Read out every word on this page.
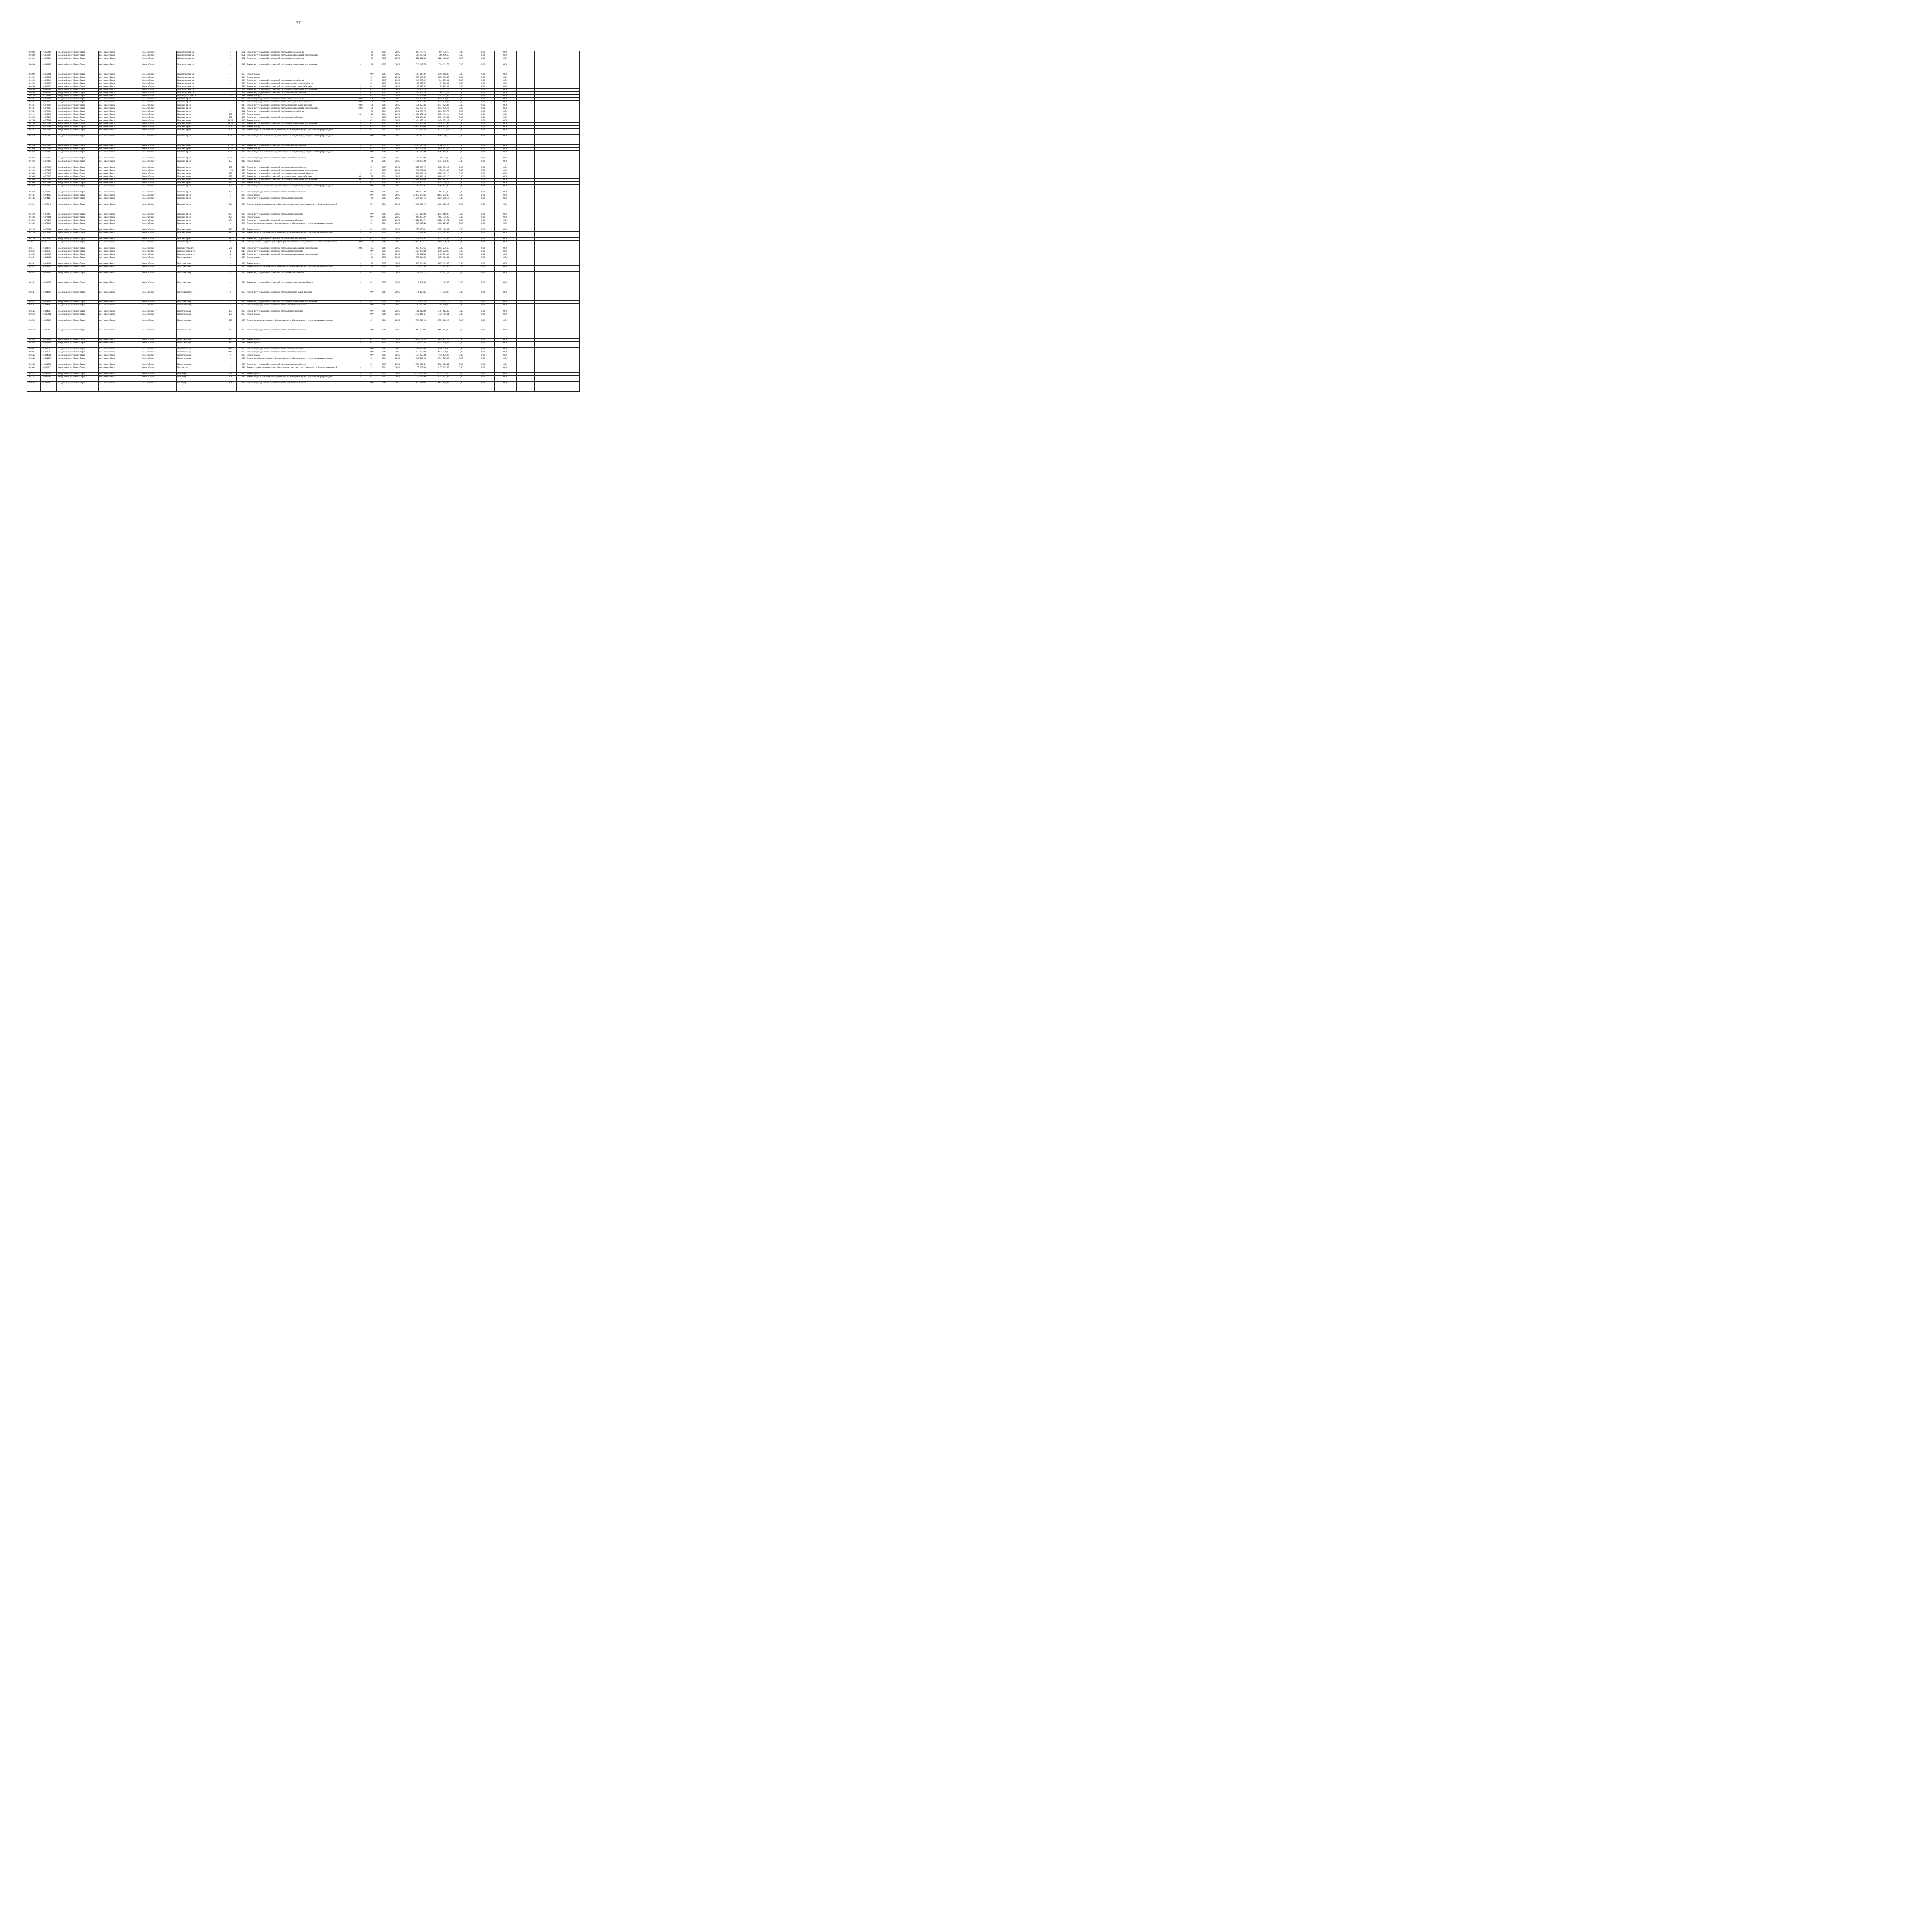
37
104688	110468804	городской округ Новосибирск	г.о. Новосибирск	Новосибирск г	Красногорская ул	37	1951	Ремонт внутридомовой инженерной системы теплоснабжения	-	69	2025	2025	897 758,75	897 758,75	0,00	0,00	0,00			
104688	110468807	городской округ Новосибирск	г.о. Новосибирск	Новосибирск г	Красногорская ул	37	1951	Ремонт внутридомовой инженерной системы канализования и водоотведения	-	69	2025	2025	389 889,63	389 889,63	0,00	0,00	0,00			
104689	110468904	городской округ Новосибирск	г.о. Новосибирск	Новосибирск г	Красногорская ул	39	1951	Ремонт внутридомовой инженерной системы теплоснабжения	-	69	2025	2025	1 226 412,38	1 226 412,38	0,00	0,00	0,00			
104689	110468907	городской округ Новосибирск	г.о. Новосибирск	Новосибирск г	Красногорская ул	39	1951	Ремонт внутридомовой инженерной системы канализования и водоотведения	-	69	2025	2025	710 161,79	710 161,79	0,00	0,00	0,00			
104690	110469001	городской округ Новосибирск	г.о. Новосибирск	Новосибирск г	Красногорская ул	41	1958	Ремонт фасада	-	69*	2025	2025	1 495 018,37	1 495 018,37	0,00	0,00	0,00			
104690	110469002	городской округ Новосибирск	г.о. Новосибирск	Новосибирск г	Красногорская ул	41	1958	Ремонт крыши	-	69*	2025	2025	3 338 803,59	3 338 803,59	0,00	0,00	0,00			
104690	110469004	городской округ Новосибирск	г.о. Новосибирск	Новосибирск г	Красногорская ул	41	1958	Ремонт внутридомовой инженерной системы теплоснабжения	-	69*	2025	2025	340 259,22	340 259,22	0,00	0,00	0,00			
104690	110469005	городской округ Новосибирск	г.о. Новосибирск	Новосибирск г	Красногорская ул	41	1958	Ремонт внутридомовой инженерной системы холодного водоснабжения	-	69*	2025	2025	107 815,37	107 815,37	0,00	0,00	0,00			
104690	110469006	городской округ Новосибирск	г.о. Новосибирск	Новосибирск г	Красногорская ул	41	1958	Ремонт внутридомовой инженерной системы горячего водоснабжения	-	69*	2025	2025	107 815,37	107 815,37	0,00	0,00	0,00			
104690	110469007	городской округ Новосибирск	г.о. Новосибирск	Новосибирск г	Красногорская ул	41	1958	Ремонт внутридомовой инженерной системы канализования и водоотведения	-	69*	2025	2025	131 403,15	131 403,15	0,00	0,00	0,00			
104690	110469009	городской округ Новосибирск	г.о. Новосибирск	Новосибирск г	Красногорская ул	41	1958	Ремонт внутридомовой инженерной системы электроснабжения	-	69*	2025	2025	380 303,28	380 303,28	0,00	0,00	0,00			
107829	110782901	городской округ Новосибирск	г.о. Новосибирск	Новосибирск г	Краснофлимская ул	2	1961	Ремонт фасада	-	69*	2024	2025	7 749 507,84	7 749 507,84	0,00	0,00	0,00			
104731	110473104	городской округ Новосибирск	г.о. Новосибирск	Новосибирск г	Красный пр-кт	11	1933	Ремонт внутридомовой инженерной системы теплоснабжения	2008	52	2025	2025	3 548 178,37	3 548 178,37	0,00	0,00	0,00			
104731	110473105	городской округ Новосибирск	г.о. Новосибирск	Новосибирск г	Красный пр-кт	11	1933	Ремонт внутридомовой инженерной системы холодного водоснабжения	2008	52	2025	2025	2 341 025,36	2 341 025,36	0,00	0,00	0,00			
104731	110473106	городской округ Новосибирск	г.о. Новосибирск	Новосибирск г	Красный пр-кт	11	1933	Ремонт внутридомовой инженерной системы горячего водоснабжения	2008	52	2025	2025	2 341 025,36	2 341 025,36	0,00	0,00	0,00			
104731	110473107	городской округ Новосибирск	г.о. Новосибирск	Новосибирск г	Красный пр-кт	11	1933	Ремонт внутридомовой инженерной системы канализования и водоотведения	2008	52	2025	2025	1 512 676,16	1 512 676,16	0,00	0,00	0,00			
104732	110473204	городской округ Новосибирск	г.о. Новосибирск	Новосибирск г	Красный пр-кт	13	1931	Ремонт внутридомовой инженерной системы теплоснабжения	-	69	2024	2025	9 842 889,70	9 842 889,70	0,00	0,00	0,00			
104719	110471902	городской округ Новосибирск	г.о. Новосибирск	Новосибирск г	Красный пр-кт	155	1979	Ремонт крыши	2011	40	2024	2025	10 800 401,14	10 800 401,14	0,00	0,00	0,00			
104754	110475408	городской округ Новосибирск	г.о. Новосибирск	Новосибирск г	Красный пр-кт	159	1956	Ремонт внутридомовой инженерной системы газоснабжения	-	69*	2025	2025	6 381 494,52	6 381 494,52	0,00	0,00	0,00			
104756	110475601	городской округ Новосибирск	г.о. Новосибирск	Новосибирск г	Красный пр-кт	161/1	1956	Ремонт фасада	-	69*	2024	2025	21 494 995,18	21 494 995,18	0,00	0,00	0,00			
104756	110475607	городской округ Новосибирск	г.о. Новосибирск	Новосибирск г	Красный пр-кт	161/1	1956	Ремонт внутридомовой инженерной системы канализования и водоотведения	-	69*	2024	2025	2 526 952,93	2 526 952,93	0,00	0,00	0,00			
104757	110475701	городской округ Новосибирск	г.о. Новосибирск	Новосибирск г	Красный пр-кт	163	1958	Ремонт фасада	-	69*	2024	2025	20 050 803,64	20 050 803,64	0,00	0,00	0,00			
104757	110475703	городской округ Новосибирск	г.о. Новосибирск	Новосибирск г	Красный пр-кт	163	1958	Ремонт подвальных помещений, относящихся к общему имуществу в многоквартирном доме	-	69*	2024	2025	5 975 347,28	5 975 347,28	0,00	0,00	0,00			
104759	110475903	городской округ Новосибирск	г.о. Новосибирск	Новосибирск г	Красный пр-кт	171/2	1964	Ремонт подвальных помещений, относящихся к общему имуществу в многоквартирном доме	-	69*	2024	2025	2 765 289,15	2 765 289,15	0,00	0,00	0,00			
104759	110475909	городской округ Новосибирск	г.о. Новосибирск	Новосибирск г	Красный пр-кт	171/2	1964	Ремонт внутридомовой инженерной системы электроснабжения	-	69*	2024	2025	6 260 954,20	6 260 954,20	0,00	0,00	0,00			
104760	110476001	городской округ Новосибирск	г.о. Новосибирск	Новосибирск г	Красный пр-кт	171/3	1964	Ремонт фасада	-	69*	2024	2025	5 636 623,58	5 636 623,58	0,00	0,00	0,00			
104760	110476003	городской округ Новосибирск	г.о. Новосибирск	Новосибирск г	Красный пр-кт	171/3	1964	Ремонт подвальных помещений, относящихся к общему имуществу в многоквартирном доме	-	69*	2024	2025	2 762 645,22	2 762 645,22	0,00	0,00	0,00			
104760	110476009	городской округ Новосибирск	г.о. Новосибирск	Новосибирск г	Красный пр-кт	171/3	1964	Ремонт внутридомовой инженерной системы электроснабжения	-	69*	2024	2025	5 190 375,03	5 190 375,03	0,00	0,00	0,00			
104763	110476302	городской округ Новосибирск	г.о. Новосибирск	Новосибирск г	Красный пр-кт	175	1948	Ремонт крыши	-	69	2025	2025	16 751 298,20	16 751 298,20	0,00	0,00	0,00			
104763	110476309	городской округ Новосибирск	г.о. Новосибирск	Новосибирск г	Красный пр-кт	175	1948	Ремонт внутридомовой инженерной системы электроснабжения	-	69*	2025	2025	3 327 090,17	3 327 090,17	0,00	0,00	0,00			
104764	110476407	городской округ Новосибирск	г.о. Новосибирск	Новосибирск г	Красный пр-кт	175а	1948	Ремонт внутридомовой инженерной системы канализования и водоотведения	-	69*	2025	2025	756 811,86	756 811,86	0,00	0,00	0,00			
104766	110476605	городской округ Новосибирск	г.о. Новосибирск	Новосибирск г	Красный пр-кт	179	1959	Ремонт внутридомовой инженерной системы холодного водоснабжения	-	69*	2024	2025	4 868 412,16	4 868 412,16	0,00	0,00	0,00			
104766	110476606	городской округ Новосибирск	г.о. Новосибирск	Новосибирск г	Красный пр-кт	179	1959	Ремонт внутридомовой инженерной системы горячего водоснабжения	2012	50	2024	2025	4 868 412,16	4 868 412,16	0,00	0,00	0,00			
104766	110476607	городской округ Новосибирск	г.о. Новосибирск	Новосибирск г	Красный пр-кт	179	1959	Ремонт внутридомовой инженерной системы канализования и водоотведения	2012	50	2024	2025	8 081 882,06	8 081 882,06	0,00	0,00	0,00			
104769	110476901	городской округ Новосибирск	г.о. Новосибирск	Новосибирск г	Красный пр-кт	186	1958	Ремонт фасада	-	69*	2025	2025	43 938 300,71	43 938 300,71	0,00	0,00	0,00			
104769	110476903	городской округ Новосибирск	г.о. Новосибирск	Новосибирск г	Красный пр-кт	186	1958	Ремонт подвальных помещений, относящихся к общему имуществу в многоквартирном доме	-	69*	2025	2025	8 285 894,45	8 285 894,45	0,00	0,00	0,00			
104769	110476909	городской округ Новосибирск	г.о. Новосибирск	Новосибирск г	Красный пр-кт	186	1958	Ремонт внутридомовой инженерной системы электроснабжения	-	69*	2025	2025	5 684 022,33	5 684 022,33	0,00	0,00	0,00			
104741	110474102	городской округ Новосибирск	г.о. Новосибирск	Новосибирск г	Красный пр-кт	56	1939	Ремонт крыши	-	69*	2025	2025	30 842 245,85	30 842 245,85	0,00	0,00	0,00			
104744	110474408	городской округ Новосибирск	г.о. Новосибирск	Новосибирск г	Красный пр-кт	70	1968	Ремонт внутридомовой инженерной системы газоснабжения	-	60	2025	2025	12 246 268,16	12 246 268,16	0,00	0,00	0,00			
104791	110479110	городской округ Новосибирск	г.о. Новосибирск	Новосибирск г	Красный пр-кт	72в	1999	Ремонт, замена, модернизация лифтов, ремонт лифтовых шахт, машинных и блочных помещений	-	32*	2024	2025	3 060 813,17	3 060 813,17	0,00	0,00	0,00			
104722	110472208	городской округ Новосибирск	г.о. Новосибирск	Новосибирск г	Красный пр-кт	81/3	1966	Ремонт внутридомовой инженерной системы газоснабжения	-	69*	2025	2025	4 345 019,09	4 345 019,09	0,00	0,00	0,00			
104723	110472301	городской округ Новосибирск	г.о. Новосибирск	Новосибирск г	Красный пр-кт	85/1	1966	Ремонт фасада	-	69*	2025	2025	7 894 305,27	7 894 305,27	0,00	0,00	0,00			
104724	110472408	городской округ Новосибирск	г.о. Новосибирск	Новосибирск г	Красный пр-кт	87/1	1968	Ремонт внутридомовой инженерной системы газоснабжения	-	69*	2025	2025	12 222 494,71	12 222 494,71	0,00	0,00	0,00			
104749	110474903	городской округ Новосибирск	г.о. Новосибирск	Новосибирск г	Красный пр-кт	88	1968	Ремонт подвальных помещений, относящихся к общему имуществу в многоквартирном доме	-	69*	2024	2025	2 988 227,40	2 988 227,40	0,00	0,00	0,00			
104726	110472601	городской округ Новосибирск	г.о. Новосибирск	Новосибирск г	Красный пр-кт	94/2	1965	Ремонт фасада	-	69*	2025	2025	5 555 450,01	5 555 450,01	0,00	0,00	0,00			
104726	110472603	городской округ Новосибирск	г.о. Новосибирск	Новосибирск г	Красный пр-кт	94/2	1965	Ремонт подвальных помещений, относящихся к общему имуществу в многоквартирном доме	-	69*	2025	2025	2 732 383,45	2 732 383,45	0,00	0,00	0,00			
104726	110472609	городской округ Новосибирск	г.о. Новосибирск	Новосибирск г	Красный пр-кт	94/2	1965	Ремонт внутридомовой инженерной системы электроснабжения	-	69*	2025	2025	4 931 192,47	4 931 192,47	0,00	0,00	0,00			
112655	211265510	городской округ Новосибирск	г.о. Новосибирск	Новосибирск г	Красный пр-кт	99	1995	Ремонт, замена, модернизация лифтов, ремонт лифтовых шахт, машинных и блочных помещений	1999	32*	2024	2025	10 007 439,51	10 007 439,51	0,00	0,00	0,00			
104811	110481107	городской округ Новосибирск	г.о. Новосибирск	Новосибирск г	Красный Факел ул	24а	1961	Ремонт внутридомовой инженерной системы канализования и водоотведения	2005	65	2025	2025	1 053 230,65	1 053 230,65	0,00	0,00	0,00			
104825	110482508	городской округ Новосибирск	г.о. Новосибирск	Новосибирск г	Красоцинникова ул	1	1940	Ремонт внутридомовой инженерной системы газоснабжения	-	69*	2025	2025	3 405 208,88	3 405 208,88	0,00	0,00	0,00			
104826	110482607	городской округ Новосибирск	г.о. Новосибирск	Новосибирск г	Красоцинникова ул	2	1941	Ремонт внутридомовой инженерной системы канализования и водоотведения	-	69*	2024	2025	1 188 561,33	1 188 561,33	0,00	0,00	0,00			
104841	110484101	городской округ Новосибирск	г.о. Новосибирск	Новосибирск г	Крестьянская ул	3а	1959	Ремонт фасада	-	60	2025	2025	1 370 014,52	1 370 014,52	0,00	0,00	0,00			
104841	110484102	городской округ Новосибирск	г.о. Новосибирск	Новосибирск г	Крестьянская ул	3а	1959	Ремонт крыши	-	60	2025	2025	3 093 134,85	3 093 134,85	0,00	0,00	0,00			
104841	110484103	городской округ Новосибирск	г.о. Новосибирск	Новосибирск г	Крестьянская ул	3а	1959	Ремонт подвальных помещений, относящихся к общему имуществу в многоквартирном доме	-	60	2025	2025	774 064,35	774 064,35	0,00	0,00	0,00			
104841	110484104	городской округ Новосибирск	г.о. Новосибирск	Новосибирск г	Крестьянская ул	3а	1959	Ремонт внутридомовой инженерной системы теплоснабжения	-	69*	2025	2025	351 663,17	351 663,17	0,00	0,00	0,00			
104841	110484105	городской округ Новосибирск	г.о. Новосибирск	Новосибирск г	Крестьянская ул	3а	1959	Ремонт внутридомовой инженерной системы холодного водоснабжения	-	69*	2025	2025	111 428,85	111 428,85	0,00	0,00	0,00			
104841	110484106	городской округ Новосибирск	г.о. Новосибирск	Новосибирск г	Крестьянская ул	3а	1959	Ремонт внутридомовой инженерной системы горячего водоснабжения	-	69*	2025	2025	111 428,85	111 428,85	0,00	0,00	0,00			
104841	110484107	городской округ Новосибирск	г.о. Новосибирск	Новосибирск г	Крестьянская ул	3а	1959	Ремонт внутридомовой инженерной системы канализования и водоотведения	-	69*	2025	2025	135 807,19	135 807,19	0,00	0,00	0,00			
104841	110484109	городской округ Новосибирск	г.о. Новосибирск	Новосибирск г	Крестьянская ул	3а	1959	Ремонт внутридомовой инженерной системы электроснабжения	-	69*	2025	2025	393 049,33	393 049,33	0,00	0,00	0,00			
104846	110484608	городской округ Новосибирск	г.о. Новосибирск	Новосибирск г	Кропоткина ул	100	1967	Ремонт внутридомовой инженерной системы газоснабжения	-	69*	2025	2025	5 101 812,82	5 101 812,82	0,00	0,00	0,00			
104850	110485001	городской округ Новосибирск	г.о. Новосибирск	Новосибирск г	Кропоткина ул	109	1965	Ремонт фасада	-	69*	2024	2025	5 721 166,11	5 721 166,11	0,00	0,00	0,00			
104850	110485003	городской округ Новосибирск	г.о. Новосибирск	Новосибирск г	Кропоткина ул	109	1965	Ремонт подвальных помещений, относящихся к общему имуществу в многоквартирном доме	-	69*	2024	2025	2 736 620,10	2 736 620,10	0,00	0,00	0,00			
104850	110485009	городской округ Новосибирск	г.о. Новосибирск	Новосибирск г	Кропоткина ул	109	1965	Ремонт внутридомовой инженерной системы электроснабжения	-	69*	2024	2025	4 967 655,97	4 967 655,97	0,00	0,00	0,00			
104885	110488501	городской округ Новосибирск	г.о. Новосибирск	Новосибирск г	Кропоткина ул	92/1	1967	Ремонт фасада	-	69*	2025	2025	4 649 611,23	4 649 611,23	0,00	0,00	0,00			
104885	110488502	городской округ Новосибирск	г.о. Новосибирск	Новосибирск г	Кропоткина ул	92/1	1967	Ремонт крыши	-	69*	2024	2025	8 231 006,52	8 231 006,52	0,00	0,00	0,00			
104885	110488508	городской округ Новосибирск	г.о. Новосибирск	Новосибирск г	Кропоткина ул	92/1	1967	Ремонт внутридомовой инженерной системы газоснабжения	-	69*	2025	2025	4 306 498,83	4 306 498,83	0,00	0,00	0,00			
104885	110488509	городской округ Новосибирск	г.о. Новосибирск	Новосибирск г	Кропоткина ул	92/1	1967	Ремонт внутридомовой инженерной системы электроснабжения	-	69*	2024	2025	4 533 799,83	4 533 799,83	0,00	0,00	0,00			
104845	110484501	городской округ Новосибирск	г.о. Новосибирск	Новосибирск г	Кропоткина ул	98	1967	Ремонт фасада	-	69*	2025	2025	7 745 825,24	7 745 825,24	0,00	0,00	0,00			
104845	110484503	городской округ Новосибирск	г.о. Новосибирск	Новосибирск г	Кропоткина ул	98	1967	Ремонт подвальных помещений, относящихся к общему имуществу в многоквартирном доме	-	69*	2024	2025	2 741 525,69	2 741 525,69	0,00	0,00	0,00			
104845	110484509	городской округ Новосибирск	г.о. Новосибирск	Новосибирск г	Кропоткина ул	98	1967	Ремонт внутридомовой инженерной системы электроснабжения	-	69*	2025	2025	4 760 820,41	4 760 820,41	0,00	0,00	0,00			
104903	110490310	городской округ Новосибирск	г.о. Новосибирск	Новосибирск г	Крылова ул	48	1999	Ремонт, замена, модернизация лифтов, ремонт лифтовых шахт, машинных и блочных помещений	-	32*	2024	2025	11 179 065,85	11 179 065,85	0,00	0,00	0,00			
104937	110493702	городской округ Новосибирск	г.о. Новосибирск	Новосибирск г	Кубовая ул	101	1966	Ремонт крыши	-	69*	2024	2025	10 734 323,54	10 734 323,54	0,00	0,00	0,00			
104937	110493703	городской округ Новосибирск	г.о. Новосибирск	Новосибирск г	Кубовая ул	101	1966	Ремонт подвальных помещений, относящихся к общему имуществу в многоквартирном доме	-	69*	2024	2025	2 114 023,89	2 114 023,89	0,00	0,00	0,00			
104937	110493709	городской округ Новосибирск	г.о. Новосибирск	Новосибирск г	Кубовая ул	101	1966	Ремонт внутридомовой инженерной системы электроснабжения	-	69*	2024	2025	2 972 066,96	2 972 066,96	0,00	0,00	0,00			
